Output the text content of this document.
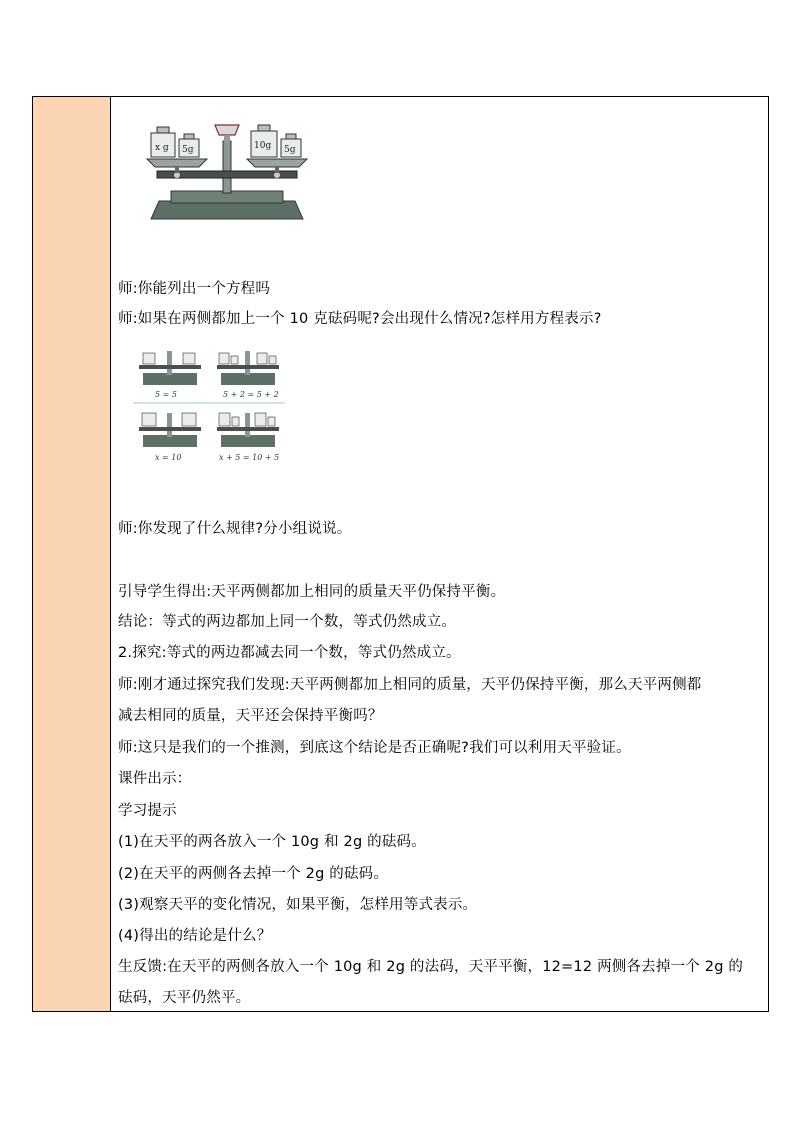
x g 5g	10g 5g
师:你能列出一个方程吗
师:如果在两侧都加上一个 10 克砝码呢?会出现什么情况?怎样用方程表示?
5 = 5	5 + 2 = 5 + 2
x = 10	x + 5 = 10 + 5
师:你发现了什么规律?分小组说说。
引导学生得出:天平两侧都加上相同的质量天平仍保持平衡。
结论：等式的两边都加上同一个数，等式仍然成立。
2.探究:等式的两边都减去同一个数，等式仍然成立。
师:刚才通过探究我们发现:天平两侧都加上相同的质量，天平仍保持平衡，那么天平两侧都
减去相同的质量，天平还会保持平衡吗？
师:这只是我们的一个推测，到底这个结论是否正确呢?我们可以利用天平验证。
课件出示：
学习提示
(1)在天平的两各放入一个 10g 和 2g 的砝码。
(2)在天平的两侧各去掉一个 2g 的砝码。
(3)观察天平的变化情况，如果平衡，怎样用等式表示。
(4)得出的结论是什么？
生反馈:在天平的两侧各放入一个 10g 和 2g 的法码，天平平衡，12=12 两侧各去掉一个 2g 的
砝码，天平仍然平。
